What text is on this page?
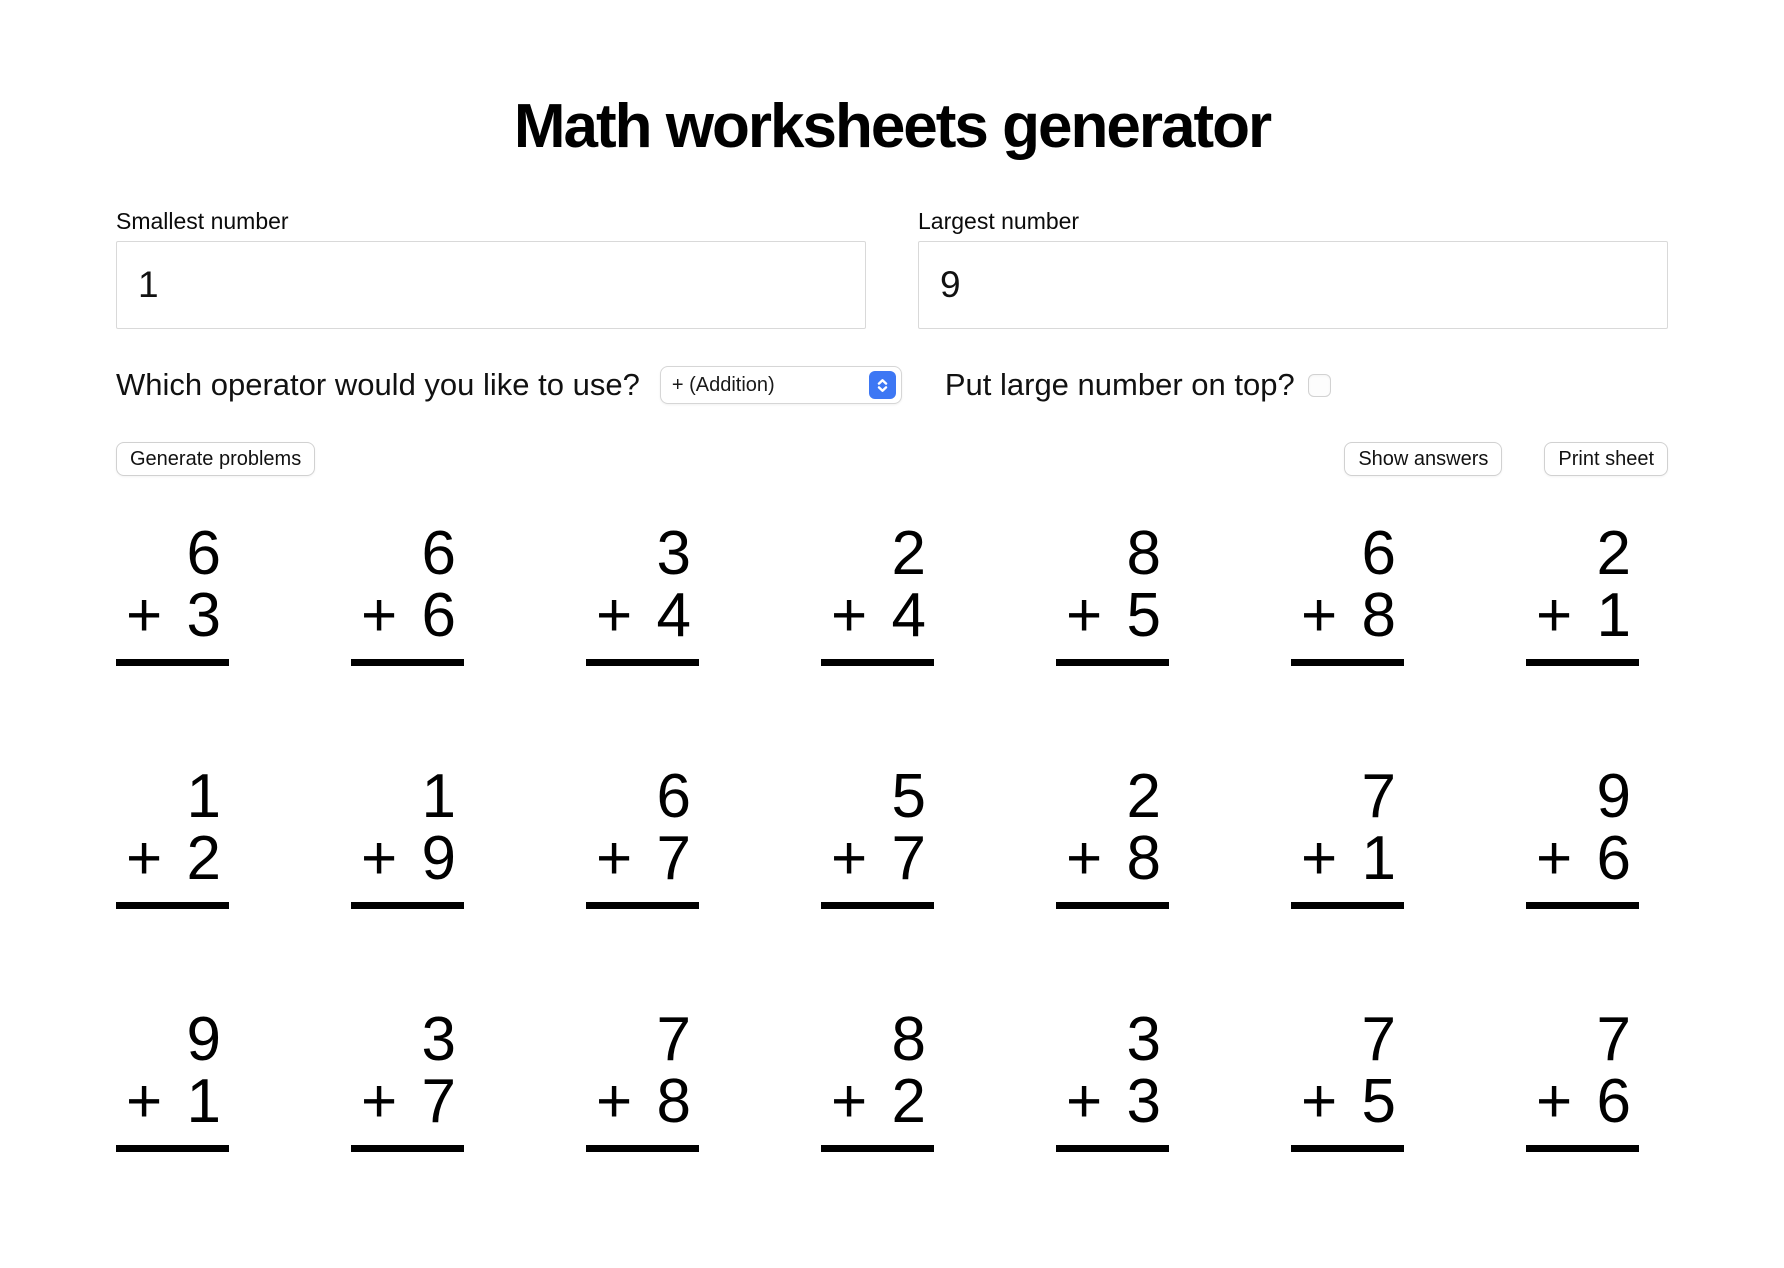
Math worksheets generator
Smallest number
1	Largest number
9
Which operator would you like to use?	+ (Addition)	Put large number on top?
Generate problems	Show answers	Print sheet
6
+ 3
6
+ 6
3
+ 4
2
+ 4
8
+ 5
6
+ 8
2
+ 1
1
+ 2
1
+ 9
6
+ 7
5
+ 7
2
+ 8
7
+ 1
9
+ 6
9
+ 1
3
+ 7
7
+ 8
8
+ 2
3
+ 3
7
+ 5
7
+ 6
